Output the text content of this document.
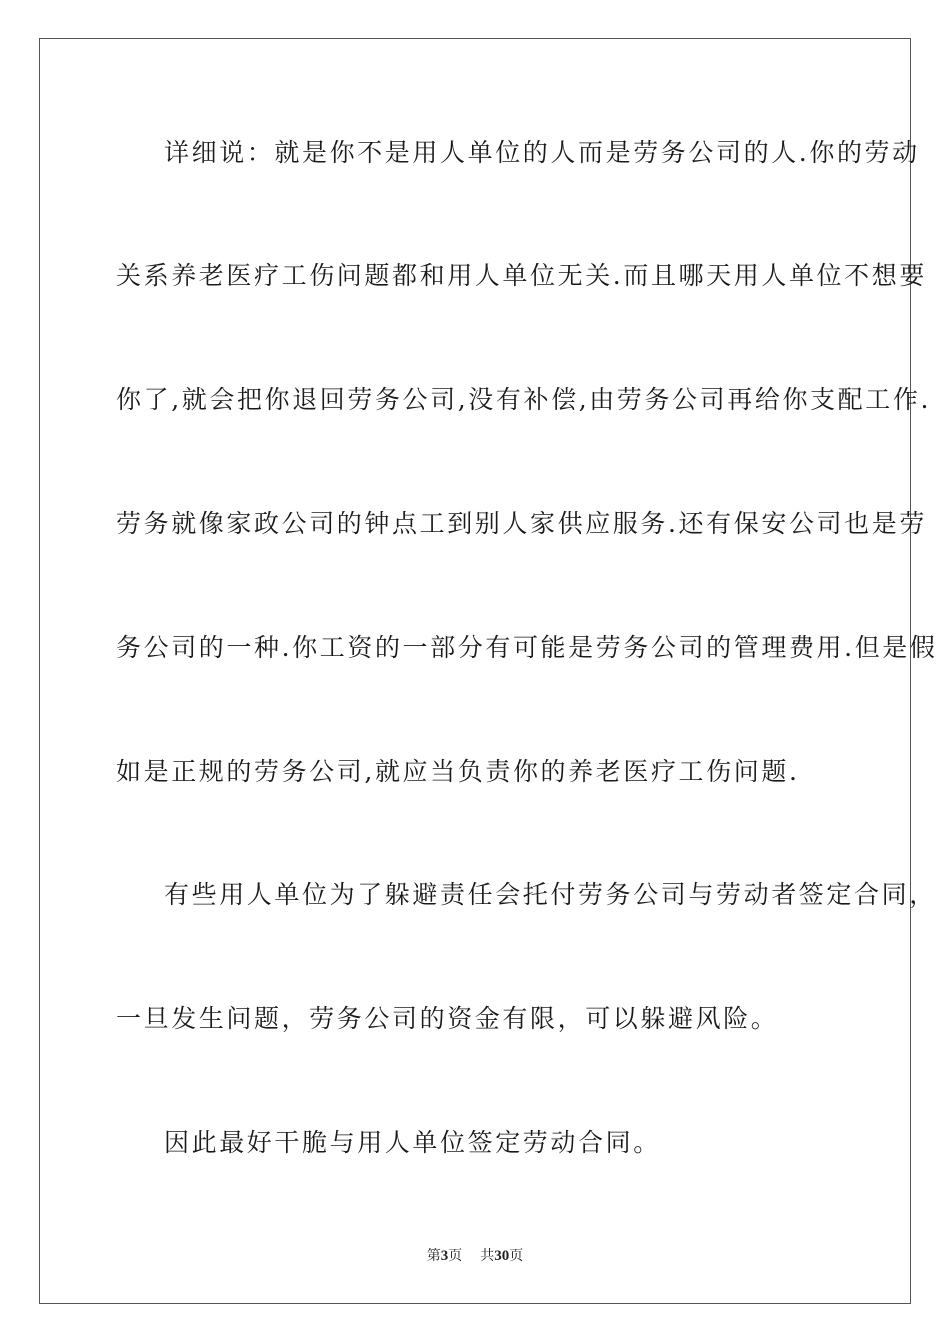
详细说：就是你不是用人单位的人而是劳务公司的人.你的劳动
关系养老医疗工伤问题都和用人单位无关.而且哪天用人单位不想要
你了,就会把你退回劳务公司,没有补偿,由劳务公司再给你支配工作.
劳务就像家政公司的钟点工到别人家供应服务.还有保安公司也是劳
务公司的一种.你工资的一部分有可能是劳务公司的管理费用.但是假
如是正规的劳务公司,就应当负责你的养老医疗工伤问题.
有些用人单位为了躲避责任会托付劳务公司与劳动者签定合同，
一旦发生问题，劳务公司的资金有限，可以躲避风险。
因此最好干脆与用人单位签定劳动合同。
第3页 共30页
